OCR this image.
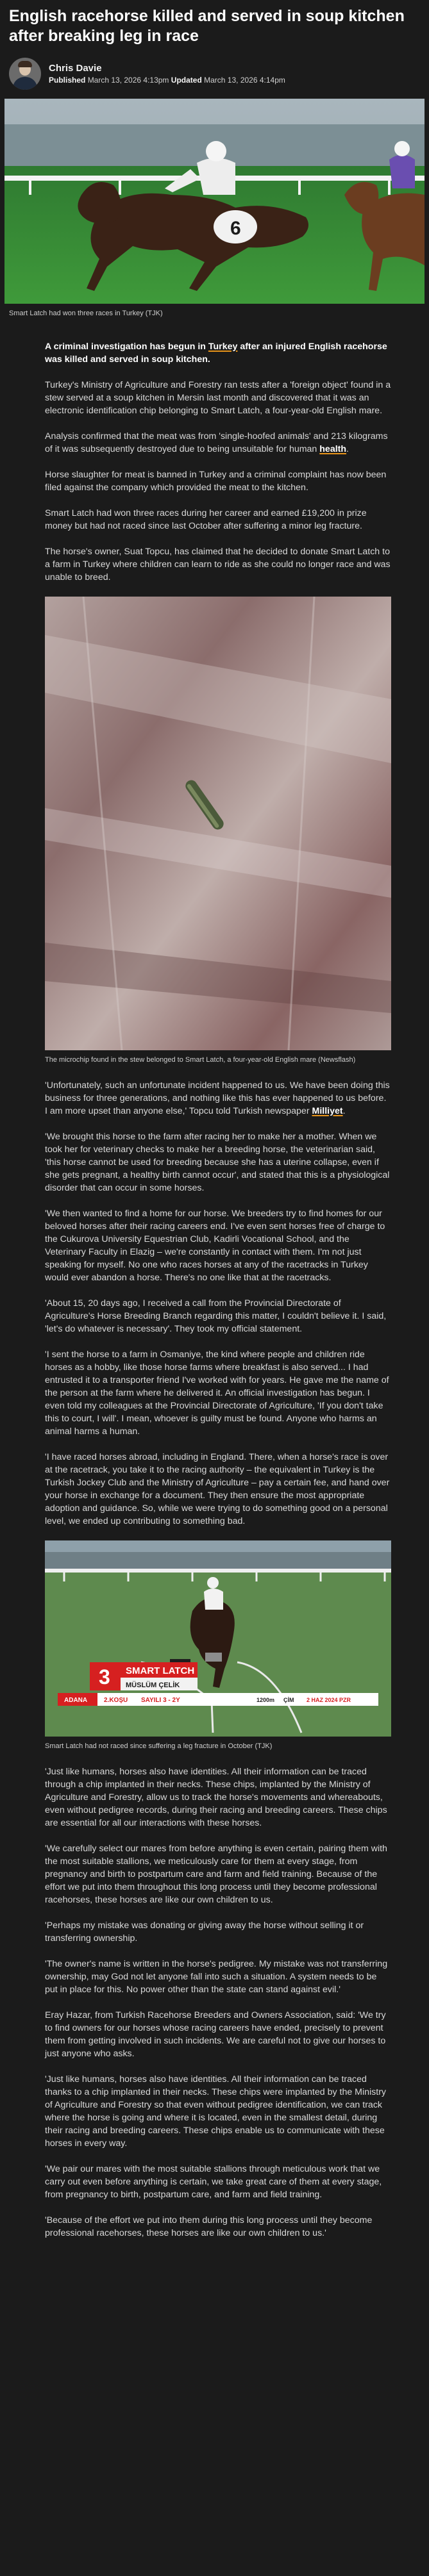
English racehorse killed and served in soup kitchen after breaking leg in race
Chris Davie
Published March 13, 2026 4:13pm Updated March 13, 2026 4:14pm
6
Smart Latch had won three races in Turkey (TJK)

A criminal investigation has begun in Turkey after an injured English racehorse was killed and served in soup kitchen.

Turkey's Ministry of Agriculture and Forestry ran tests after a 'foreign object' found in a stew served at a soup kitchen in Mersin last month and discovered that it was an electronic identification chip belonging to Smart Latch, a four-year-old English mare.

Analysis confirmed that the meat was from 'single-hoofed animals' and 213 kilograms of it was subsequently destroyed due to being unsuitable for human health.

Horse slaughter for meat is banned in Turkey and a criminal complaint has now been filed against the company which provided the meat to the kitchen.

Smart Latch had won three races during her career and earned £19,200 in prize money but had not raced since last October after suffering a minor leg fracture.

The horse's owner, Suat Topcu, has claimed that he decided to donate Smart Latch to a farm in Turkey where children can learn to ride as she could no longer race and was unable to breed.

The microchip found in the stew belonged to Smart Latch, a four-year-old English mare (Newsflash)

'Unfortunately, such an unfortunate incident happened to us. We have been doing this business for three generations, and nothing like this has ever happened to us before. I am more upset than anyone else,' Topcu told Turkish newspaper Milliyet.

'We brought this horse to the farm after racing her to make her a mother. When we took her for veterinary checks to make her a breeding horse, the veterinarian said, 'this horse cannot be used for breeding because she has a uterine collapse, even if she gets pregnant, a healthy birth cannot occur', and stated that this is a physiological disorder that can occur in some horses.

'We then wanted to find a home for our horse. We breeders try to find homes for our beloved horses after their racing careers end. I've even sent horses free of charge to the Cukurova University Equestrian Club, Kadirli Vocational School, and the Veterinary Faculty in Elazig – we're constantly in contact with them. I'm not just speaking for myself. No one who races horses at any of the racetracks in Turkey would ever abandon a horse. There's no one like that at the racetracks.

'About 15, 20 days ago, I received a call from the Provincial Directorate of Agriculture's Horse Breeding Branch regarding this matter, I couldn't believe it. I said, 'let's do whatever is necessary'. They took my official statement.

'I sent the horse to a farm in Osmaniye, the kind where people and children ride horses as a hobby, like those horse farms where breakfast is also served... I had entrusted it to a transporter friend I've worked with for years. He gave me the name of the person at the farm where he delivered it. An official investigation has begun. I even told my colleagues at the Provincial Directorate of Agriculture, 'If you don't take this to court, I will'. I mean, whoever is guilty must be found. Anyone who harms an animal harms a human.

'I have raced horses abroad, including in England. There, when a horse's race is over at the racetrack, you take it to the racing authority – the equivalent in Turkey is the Turkish Jockey Club and the Ministry of Agriculture – pay a certain fee, and hand over your horse in exchange for a document. They then ensure the most appropriate adoption and guidance. So, while we were trying to do something good on a personal level, we ended up contributing to something bad.

3 SMART LATCH
MÜSLÜM ÇELİK
ADANA	2.KOŞU SAYILI 3 - 2Y	1200m ÇİM 2 HAZ 2024 PZR
Smart Latch had not raced since suffering a leg fracture in October (TJK)

'Just like humans, horses also have identities. All their information can be traced through a chip implanted in their necks. These chips, implanted by the Ministry of Agriculture and Forestry, allow us to track the horse's movements and whereabouts, even without pedigree records, during their racing and breeding careers. These chips are essential for all our interactions with these horses.

'We carefully select our mares from before anything is even certain, pairing them with the most suitable stallions, we meticulously care for them at every stage, from pregnancy and birth to postpartum care and farm and field training. Because of the effort we put into them throughout this long process until they become professional racehorses, these horses are like our own children to us.

'Perhaps my mistake was donating or giving away the horse without selling it or transferring ownership.

'The owner's name is written in the horse's pedigree. My mistake was not transferring ownership, may God not let anyone fall into such a situation. A system needs to be put in place for this. No power other than the state can stand against evil.'

Eray Hazar, from Turkish Racehorse Breeders and Owners Association, said: 'We try to find owners for our horses whose racing careers have ended, precisely to prevent them from getting involved in such incidents. We are careful not to give our horses to just anyone who asks.

'Just like humans, horses also have identities. All their information can be traced thanks to a chip implanted in their necks. These chips were implanted by the Ministry of Agriculture and Forestry so that even without pedigree identification, we can track where the horse is going and where it is located, even in the smallest detail, during their racing and breeding careers. These chips enable us to communicate with these horses in every way.

'We pair our mares with the most suitable stallions through meticulous work that we carry out even before anything is certain, we take great care of them at every stage, from pregnancy to birth, postpartum care, and farm and field training.

'Because of the effort we put into them during this long process until they become professional racehorses, these horses are like our own children to us.'
